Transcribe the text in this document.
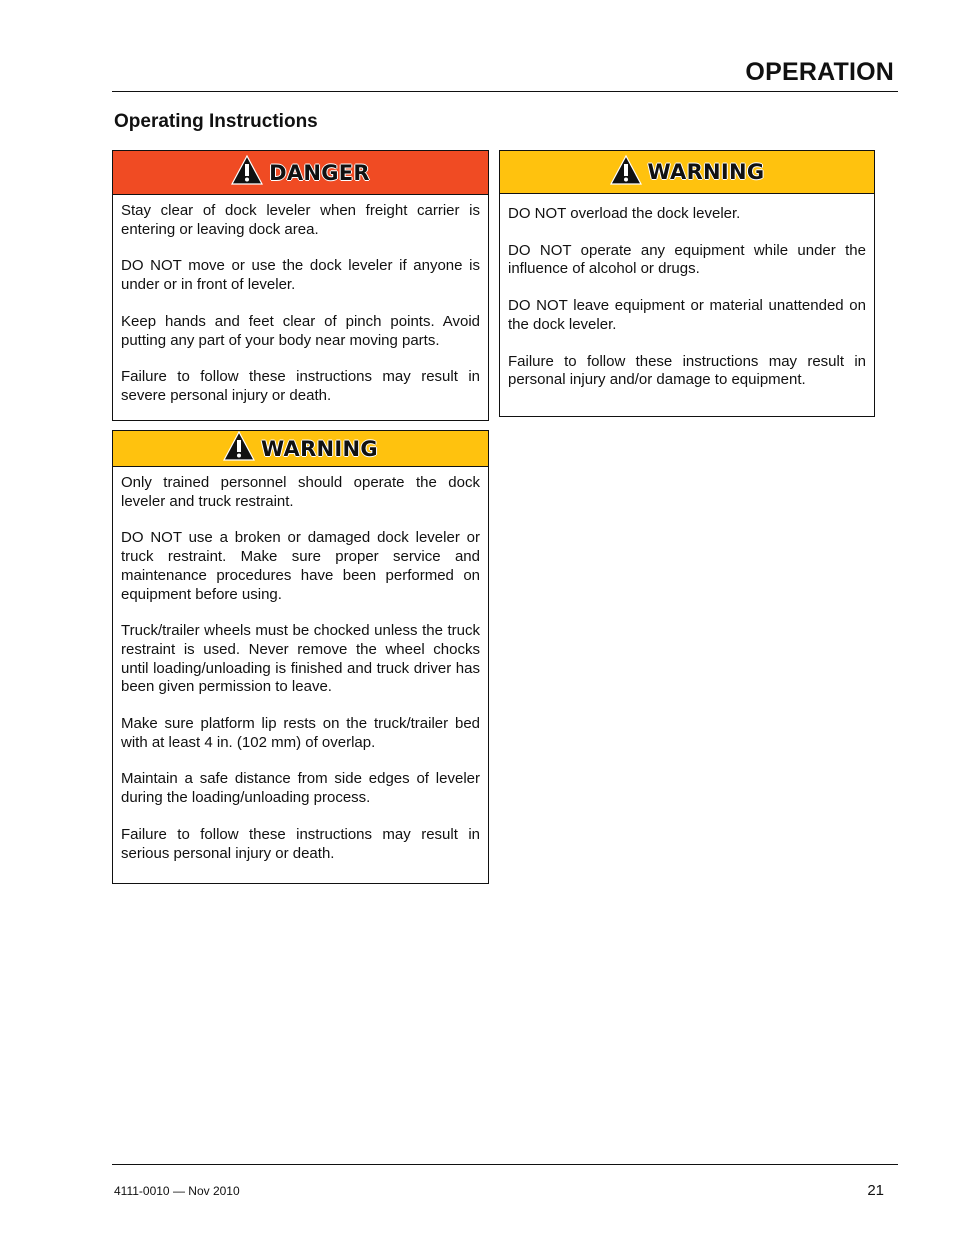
OPERATION
Operating Instructions
DANGER

Stay clear of dock leveler when freight carrier is entering or leaving dock area.

DO NOT move or use the dock leveler if anyone is under or in front of leveler.

Keep hands and feet clear of pinch points. Avoid putting any part of your body near moving parts.

Failure to follow these instructions may result in severe personal injury or death.

WARNING

Only trained personnel should operate the dock leveler and truck restraint.

DO NOT use a broken or damaged dock leveler or truck restraint. Make sure proper service and maintenance procedures have been performed on equipment before using.

Truck/trailer wheels must be chocked unless the truck restraint is used. Never remove the wheel chocks until loading/unloading is finished and truck driver has been given permission to leave.

Make sure platform lip rests on the truck/trailer bed with at least 4 in. (102 mm) of overlap.

Maintain a safe distance from side edges of leveler during the loading/unloading process.

Failure to follow these instructions may result in serious personal injury or death.

WARNING

DO NOT overload the dock leveler.

DO NOT operate any equipment while under the influence of alcohol or drugs.

DO NOT leave equipment or material unattended on the dock leveler.

Failure to follow these instructions may result in personal injury and/or damage to equipment.

4111-0010 — Nov 2010	21
